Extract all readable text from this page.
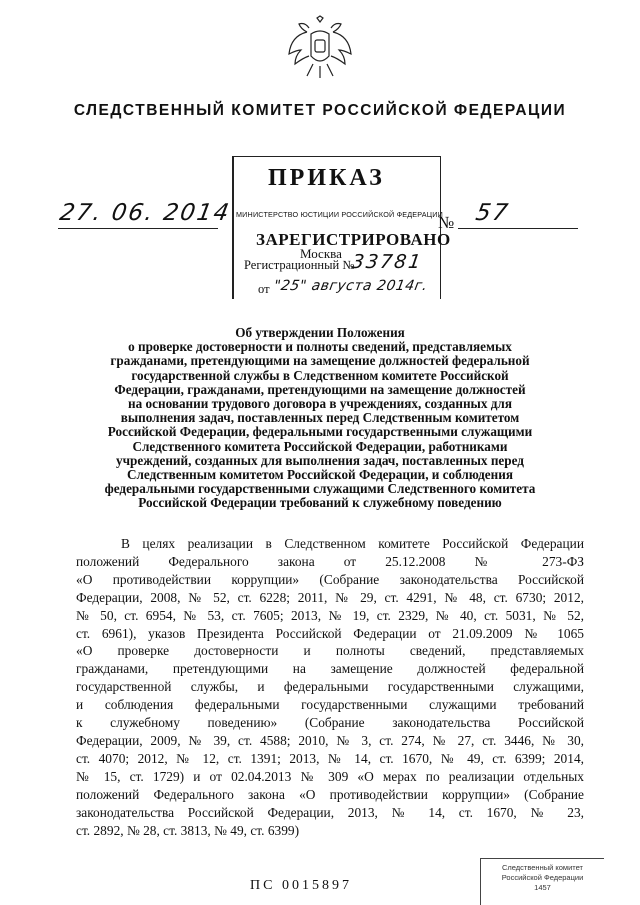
СЛЕДСТВЕННЫЙ КОМИТЕТ РОССИЙСКОЙ ФЕДЕРАЦИИ
ПРИКАЗ
МИНИСТЕРСТВО ЮСТИЦИИ РОССИЙСКОЙ ФЕДЕРАЦИИ
ЗАРЕГИСТРИРОВАНО
Москва
Регистрационный №
33781
от "25" августа 2014г.
27. 06. 2014	№ 57
Об утверждении Положения
о проверке достоверности и полноты сведений, представляемых
гражданами, претендующими на замещение должностей федеральной
государственной службы в Следственном комитете Российской
Федерации, гражданами, претендующими на замещение должностей
на основании трудового договора в учреждениях, созданных для
выполнения задач, поставленных перед Следственным комитетом
Российской Федерации, федеральными государственными служащими
Следственного комитета Российской Федерации, работниками
учреждений, созданных для выполнения задач, поставленных перед
Следственным комитетом Российской Федерации, и соблюдения
федеральными государственными служащими Следственного комитета
Российской Федерации требований к служебному поведению
В целях реализации в Следственном комитете Российской Федерации
положений Федерального закона от 25.12.2008 № 273-ФЗ
«О противодействии коррупции» (Собрание законодательства Российской
Федерации, 2008, № 52, ст. 6228; 2011, № 29, ст. 4291, № 48, ст. 6730; 2012,
№ 50, ст. 6954, № 53, ст. 7605; 2013, № 19, ст. 2329, № 40, ст. 5031, № 52,
ст. 6961), указов Президента Российской Федерации от 21.09.2009 № 1065
«О проверке достоверности и полноты сведений, представляемых
гражданами, претендующими на замещение должностей федеральной
государственной службы, и федеральными государственными служащими,
и соблюдения федеральными государственными служащими требований
к служебному поведению» (Собрание законодательства Российской
Федерации, 2009, № 39, ст. 4588; 2010, № 3, ст. 274, № 27, ст. 3446, № 30,
ст. 4070; 2012, № 12, ст. 1391; 2013, № 14, ст. 1670, № 49, ст. 6399; 2014,
№ 15, ст. 1729) и от 02.04.2013 № 309 «О мерах по реализации отдельных
положений Федерального закона «О противодействии коррупции» (Собрание
законодательства Российской Федерации, 2013, № 14, ст. 1670, № 23,
ст. 2892, № 28, ст. 3813, № 49, ст. 6399)
ПС 0015897
Следственный комитет
Российской Федерации
1457
